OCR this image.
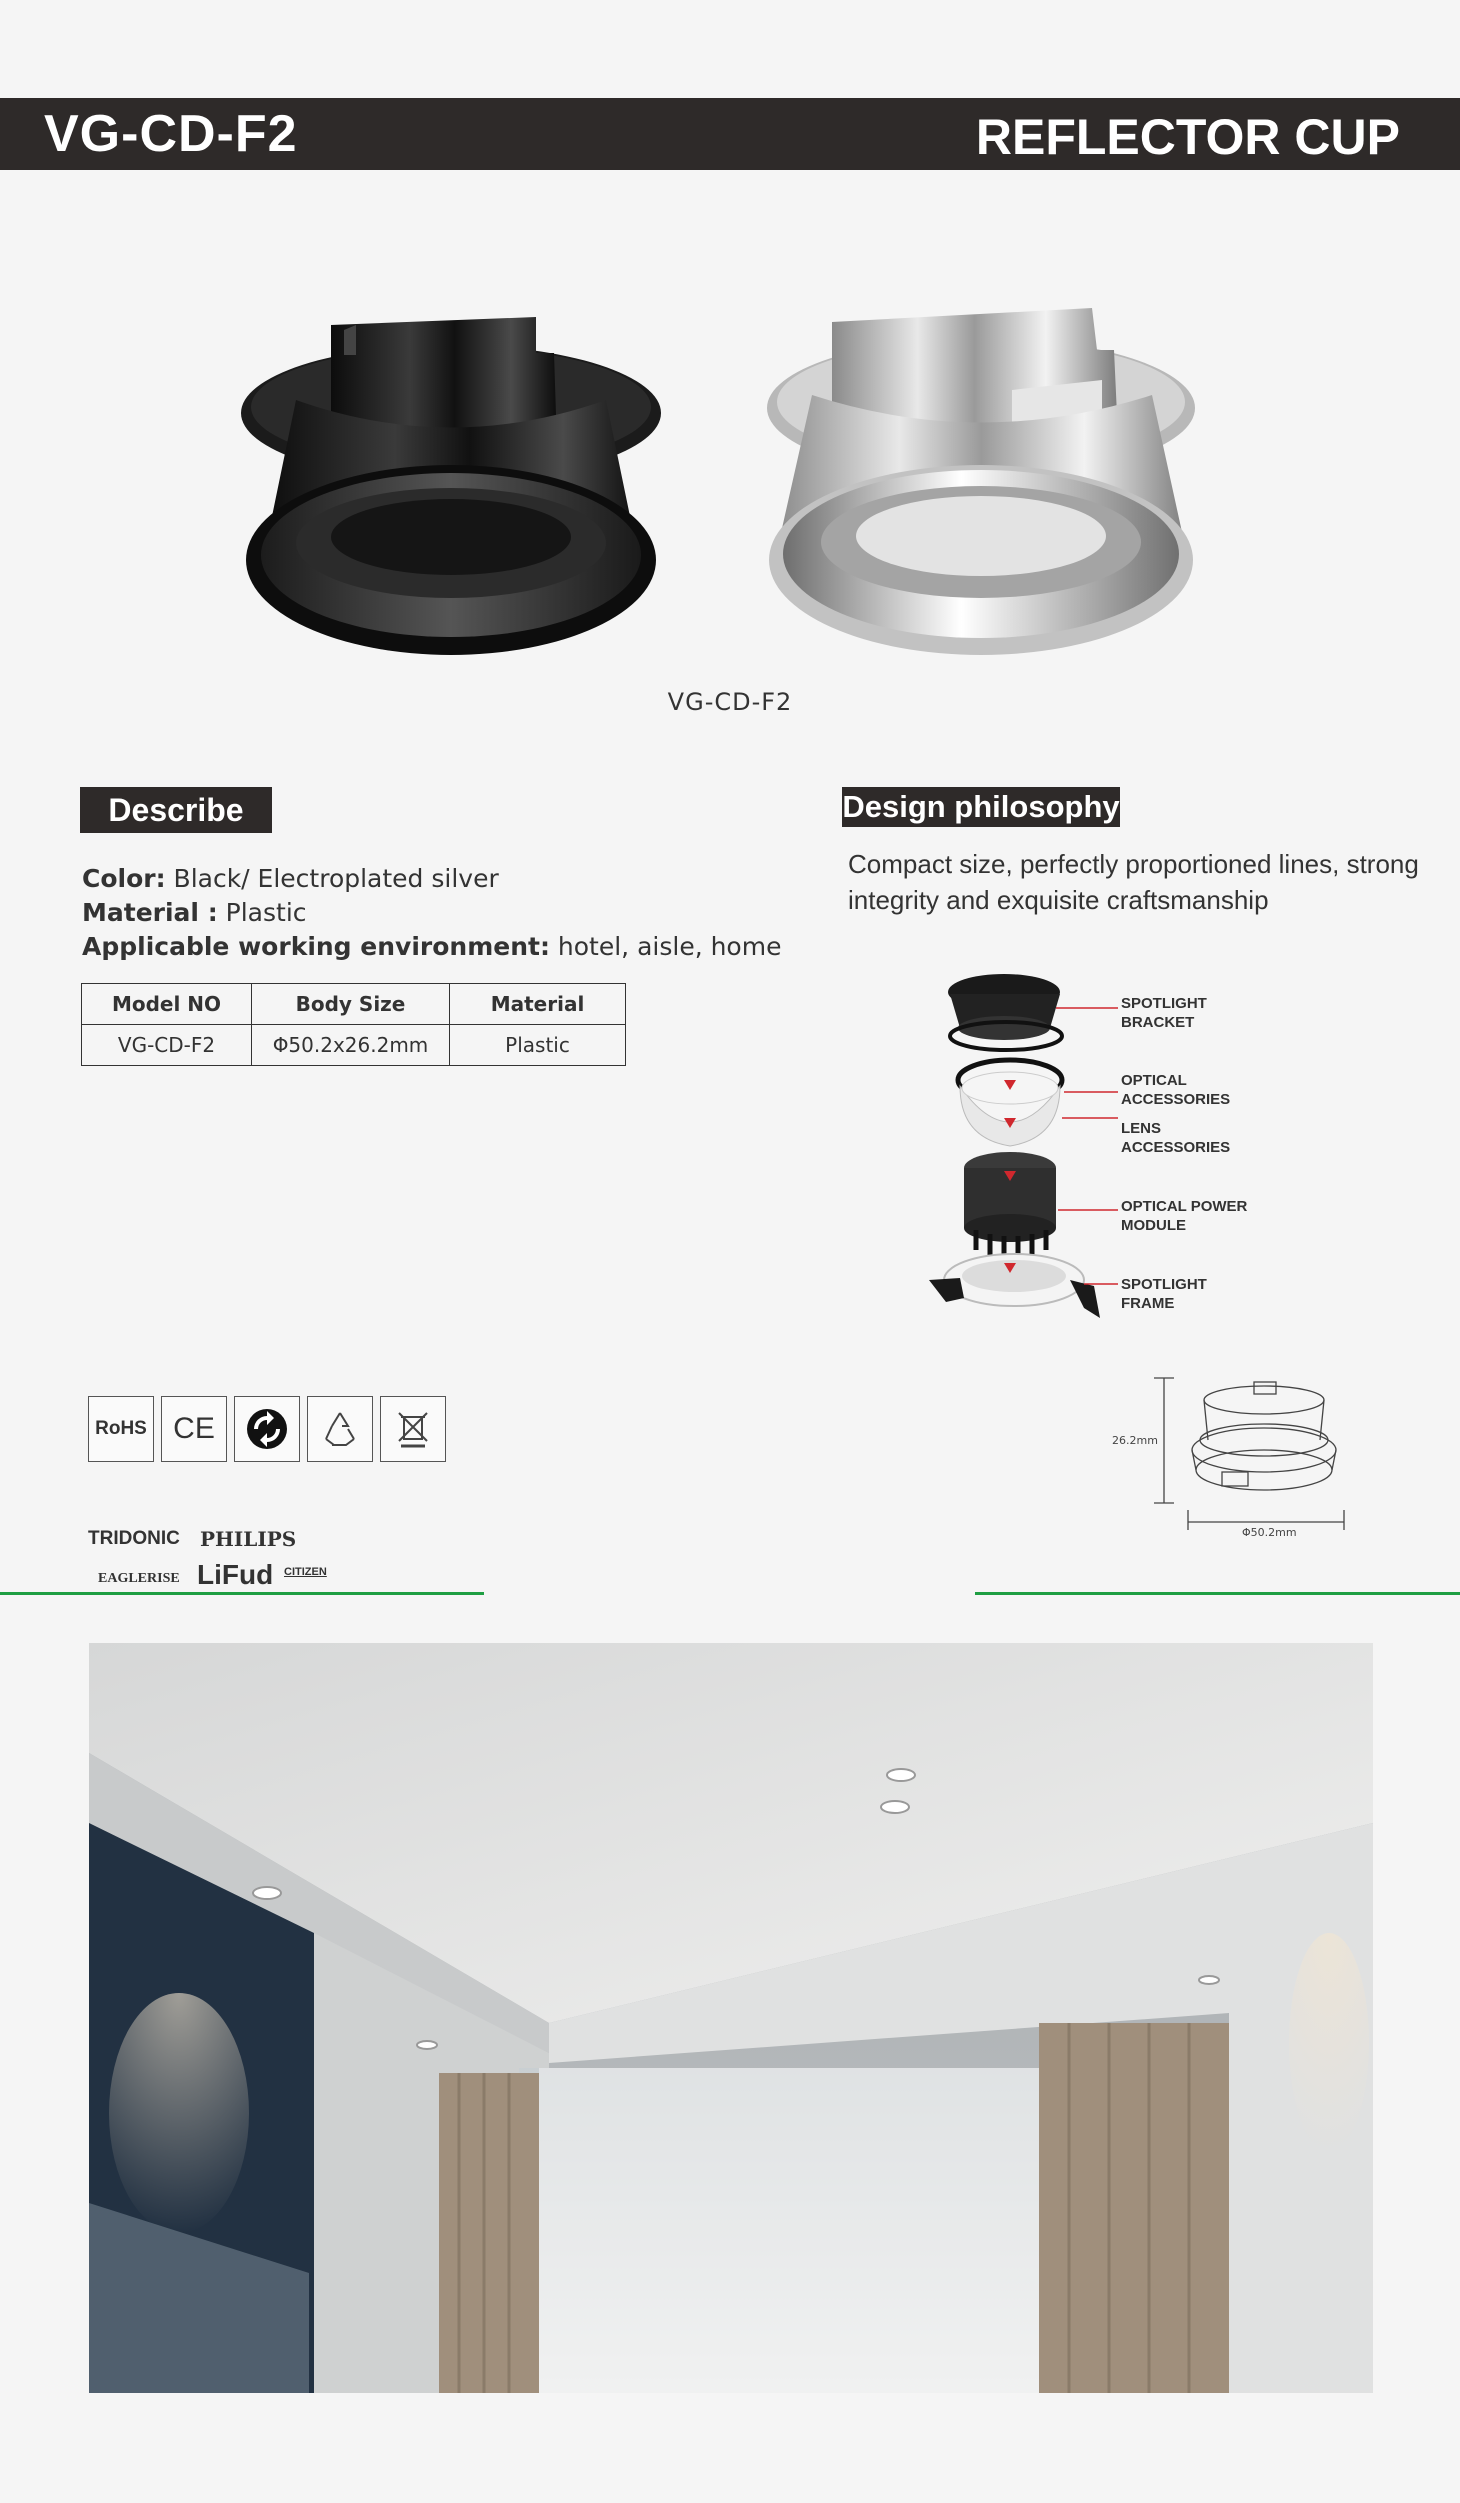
VG-CD-F2	REFLECTOR CUP
VG-CD-F2
Describe
Color: Black/ Electroplated silver
Material : Plastic
Applicable working environment: hotel, aisle, home
Model NO	Body Size	Material
VG-CD-F2	Φ50.2x26.2mm	Plastic
Design philosophy
Compact size, perfectly proportioned lines, strong integrity and exquisite craftsmanship
SPOTLIGHT
BRACKET
OPTICAL
ACCESSORIES
LENS
ACCESSORIES
OPTICAL POWER
MODULE
SPOTLIGHT
FRAME
RoHS CE
TRIDONIC PHILIPS
EAGLERISE LiFud CITIZEN
26.2mm
Φ50.2mm
